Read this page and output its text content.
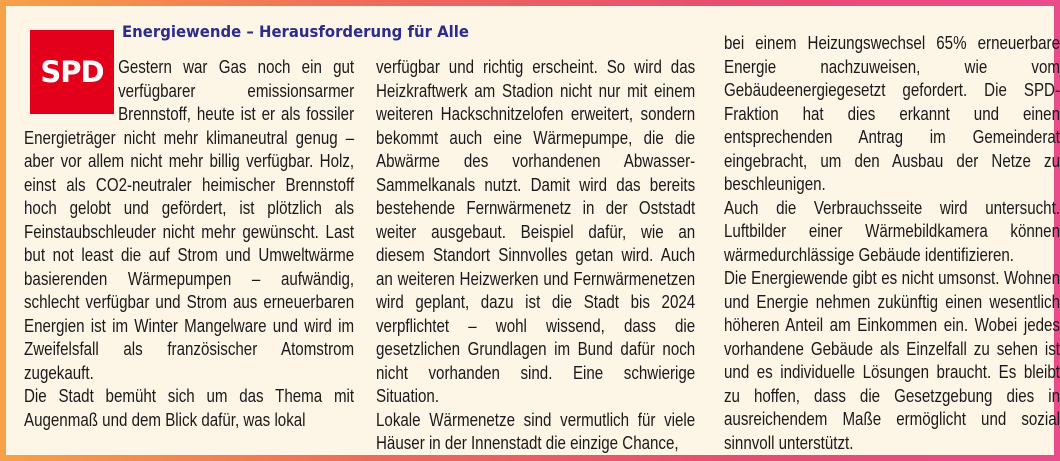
SPD
Energiewende – Herausforderung für Alle

Gestern war Gas noch ein gut verfügbarer emissionsarmer Brennstoff, heute ist er als fossiler Energieträger nicht mehr klimaneutral genug – aber vor allem nicht mehr billig verfügbar. Holz, einst als CO2-neutraler heimischer Brennstoff hoch gelobt und gefördert, ist plötzlich als Feinstaubschleuder nicht mehr gewünscht. Last but not least die auf Strom und Umweltwärme basierenden Wärmepumpen – aufwändig, schlecht verfügbar und Strom aus erneuerbaren Energien ist im Winter Mangelware und wird im Zweifelsfall als französischer Atomstrom zugekauft.

Die Stadt bemüht sich um das Thema mit Augenmaß und dem Blick dafür, was lokal

verfügbar und richtig erscheint. So wird das Heizkraftwerk am Stadion nicht nur mit einem weiteren Hackschnitzelofen erweitert, sondern bekommt auch eine Wärmepumpe, die die Abwärme des vorhandenen Abwasser-Sammelkanals nutzt. Damit wird das bereits bestehende Fernwärmenetz in der Oststadt weiter ausgebaut. Beispiel dafür, wie an diesem Standort Sinnvolles getan wird. Auch an weiteren Heizwerken und Fernwärmenetzen wird geplant, dazu ist die Stadt bis 2024 verpflichtet – wohl wissend, dass die gesetzlichen Grundlagen im Bund dafür noch nicht vorhanden sind. Eine schwierige Situation.

Lokale Wärmenetze sind vermutlich für viele Häuser in der Innenstadt die einzige Chance,

bei einem Heizungswechsel 65% erneuerbare Energie nachzuweisen, wie vom Gebäudeenergiegesetzt gefordert. Die SPD-Fraktion hat dies erkannt und einen entsprechenden Antrag im Gemeinderat eingebracht, um den Ausbau der Netze zu beschleunigen.

Auch die Verbrauchsseite wird untersucht. Luftbilder einer Wärmebildkamera können wärmedurchlässige Gebäude identifizieren.

Die Energiewende gibt es nicht umsonst. Wohnen und Energie nehmen zukünftig einen wesentlich höheren Anteil am Einkommen ein. Wobei jedes vorhandene Gebäude als Einzelfall zu sehen ist und es individuelle Lösungen braucht. Es bleibt zu hoffen, dass die Gesetzgebung dies in ausreichendem Maße ermöglicht und sozial sinnvoll unterstützt.
